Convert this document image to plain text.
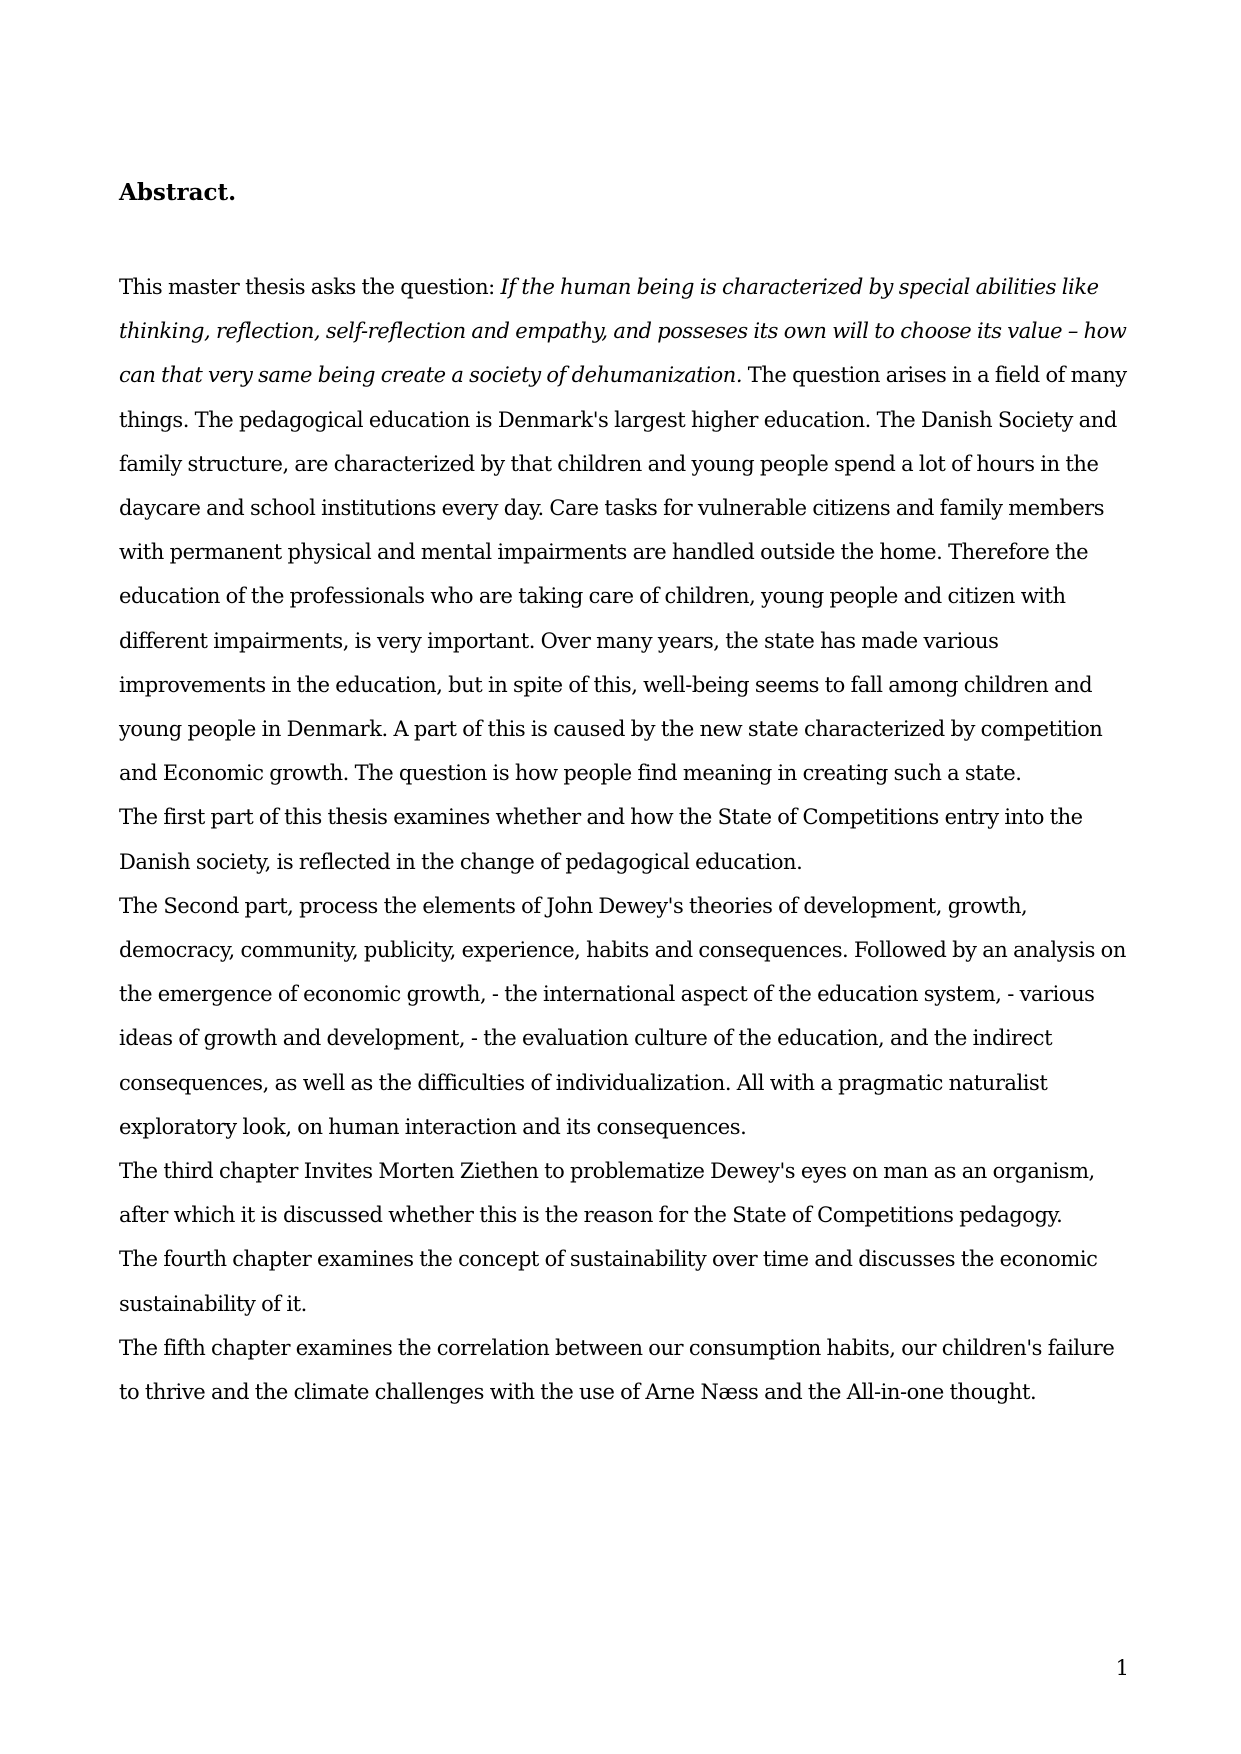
Abstract.

This master thesis asks the question: If the human being is characterized by special abilities like thinking, reflection, self-reflection and empathy, and posseses its own will to choose its value – how can that very same being create a society of dehumanization. The question arises in a field of many things. The pedagogical education is Denmark's largest higher education. The Danish Society and family structure, are characterized by that children and young people spend a lot of hours in the daycare and school institutions every day. Care tasks for vulnerable citizens and family members with permanent physical and mental impairments are handled outside the home. Therefore the education of the professionals who are taking care of children, young people and citizen with different impairments, is very important. Over many years, the state has made various improvements in the education, but in spite of this, well-being seems to fall among children and young people in Denmark. A part of this is caused by the new state characterized by competition and Economic growth. The question is how people find meaning in creating such a state.

The first part of this thesis examines whether and how the State of Competitions entry into the Danish society, is reflected in the change of pedagogical education.

The Second part, process the elements of John Dewey's theories of development, growth, democracy, community, publicity, experience, habits and consequences. Followed by an analysis on the emergence of economic growth, - the international aspect of the education system, - various ideas of growth and development, - the evaluation culture of the education, and the indirect consequences, as well as the difficulties of individualization. All with a pragmatic naturalist exploratory look, on human interaction and its consequences.

The third chapter Invites Morten Ziethen to problematize Dewey's eyes on man as an organism, after which it is discussed whether this is the reason for the State of Competitions pedagogy.

The fourth chapter examines the concept of sustainability over time and discusses the economic sustainability of it.

The fifth chapter examines the correlation between our consumption habits, our children's failure to thrive and the climate challenges with the use of Arne Næss and the All-in-one thought.

1
